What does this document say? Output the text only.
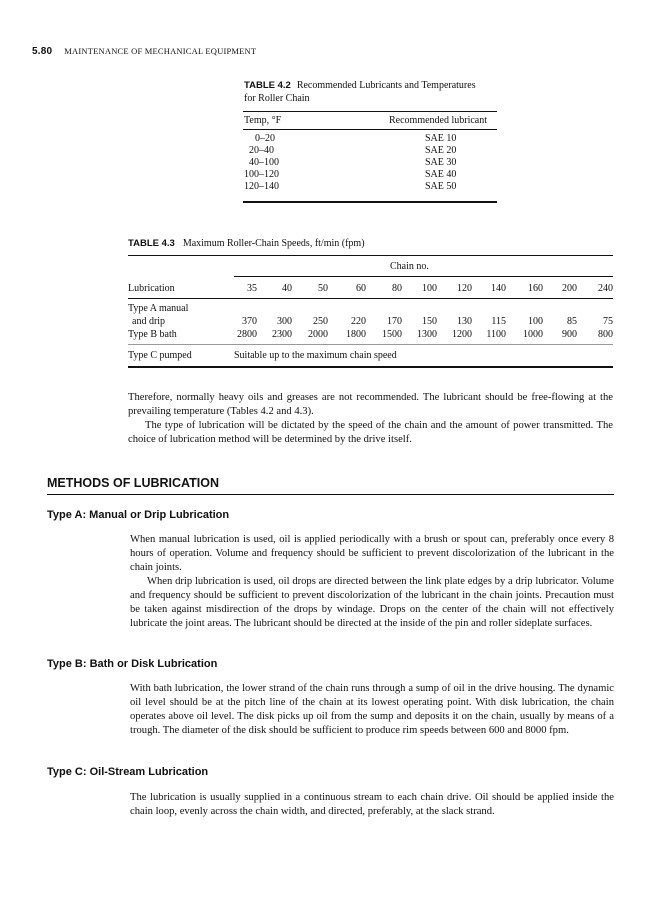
5.80 MAINTENANCE OF MECHANICAL EQUIPMENT
TABLE 4.2 Recommended Lubricants and Temperatures
for Roller Chain
Temp, °F	Recommended lubricant
0–20	SAE 10
20–40	SAE 20
40–100	SAE 30
100–120	SAE 40
120–140	SAE 50
TABLE 4.3 Maximum Roller-Chain Speeds, ft/min (fpm)
Chain no.
Lubrication	35	40	50	60	80	100	120	140	160	200	240
Type A manual
and drip	370	300	250	220	170	150	130	115	100	85	75
Type B bath	2800	2300	2000	1800	1500	1300	1200	1100	1000	900	800
Type C pumped	Suitable up to the maximum chain speed

Therefore, normally heavy oils and greases are not recommended. The lubricant should be free-flowing at the prevailing temperature (Tables 4.2 and 4.3).

The type of lubrication will be dictated by the speed of the chain and the amount of power transmitted. The choice of lubrication method will be determined by the drive itself.

METHODS OF LUBRICATION
Type A: Manual or Drip Lubrication

When manual lubrication is used, oil is applied periodically with a brush or spout can, preferably once every 8 hours of operation. Volume and frequency should be sufficient to prevent discolorization of the lubricant in the chain joints.

When drip lubrication is used, oil drops are directed between the link plate edges by a drip lubricator. Volume and frequency should be sufficient to prevent discolorization of the lubricant in the chain joints. Precaution must be taken against misdirection of the drops by windage. Drops on the center of the chain will not effectively lubricate the joint areas. The lubricant should be directed at the inside of the pin and roller sideplate surfaces.

Type B: Bath or Disk Lubrication

With bath lubrication, the lower strand of the chain runs through a sump of oil in the drive housing. The dynamic oil level should be at the pitch line of the chain at its lowest operating point. With disk lubrication, the chain operates above oil level. The disk picks up oil from the sump and deposits it on the chain, usually by means of a trough. The diameter of the disk should be sufficient to produce rim speeds between 600 and 8000 fpm.

Type C: Oil-Stream Lubrication

The lubrication is usually supplied in a continuous stream to each chain drive. Oil should be applied inside the chain loop, evenly across the chain width, and directed, preferably, at the slack strand.
